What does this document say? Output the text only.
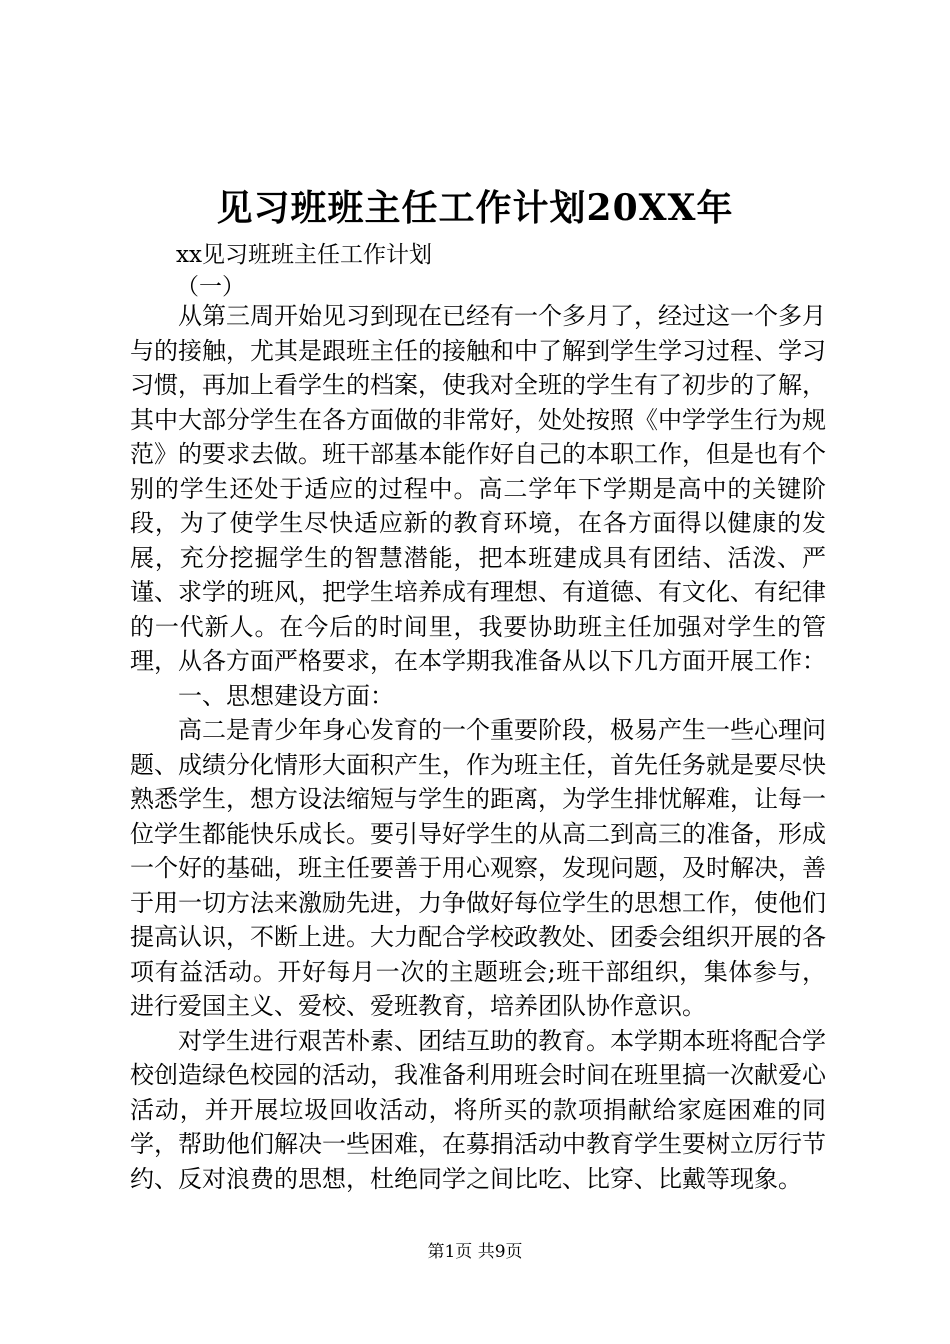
见习班班主任工作计划20XX年
xx见习班班主任工作计划
（一）

从第三周开始见习到现在已经有一个多月了，经过这一个多月与的接触，尤其是跟班主任的接触和中了解到学生学习过程、学习习惯，再加上看学生的档案，使我对全班的学生有了初步的了解，其中大部分学生在各方面做的非常好，处处按照《中学学生行为规范》的要求去做。班干部基本能作好自己的本职工作，但是也有个别的学生还处于适应的过程中。高二学年下学期是高中的关键阶段，为了使学生尽快适应新的教育环境，在各方面得以健康的发展，充分挖掘学生的智慧潜能，把本班建成具有团结、活泼、严谨、求学的班风，把学生培养成有理想、有道德、有文化、有纪律的一代新人。在今后的时间里，我要协助班主任加强对学生的管理，从各方面严格要求，在本学期我准备从以下几方面开展工作：

一、思想建设方面：

高二是青少年身心发育的一个重要阶段，极易产生一些心理问题、成绩分化情形大面积产生，作为班主任，首先任务就是要尽快熟悉学生，想方设法缩短与学生的距离，为学生排忧解难，让每一位学生都能快乐成长。要引导好学生的从高二到高三的准备，形成一个好的基础，班主任要善于用心观察，发现问题，及时解决，善于用一切方法来激励先进，力争做好每位学生的思想工作，使他们提高认识，不断上进。大力配合学校政教处、团委会组织开展的各项有益活动。开好每月一次的主题班会;班干部组织，集体参与，进行爱国主义、爱校、爱班教育，培养团队协作意识。

对学生进行艰苦朴素、团结互助的教育。本学期本班将配合学校创造绿色校园的活动，我准备利用班会时间在班里搞一次献爱心活动，并开展垃圾回收活动，将所买的款项捐献给家庭困难的同学，帮助他们解决一些困难，在募捐活动中教育学生要树立厉行节约、反对浪费的思想，杜绝同学之间比吃、比穿、比戴等现象。

第1页 共9页
